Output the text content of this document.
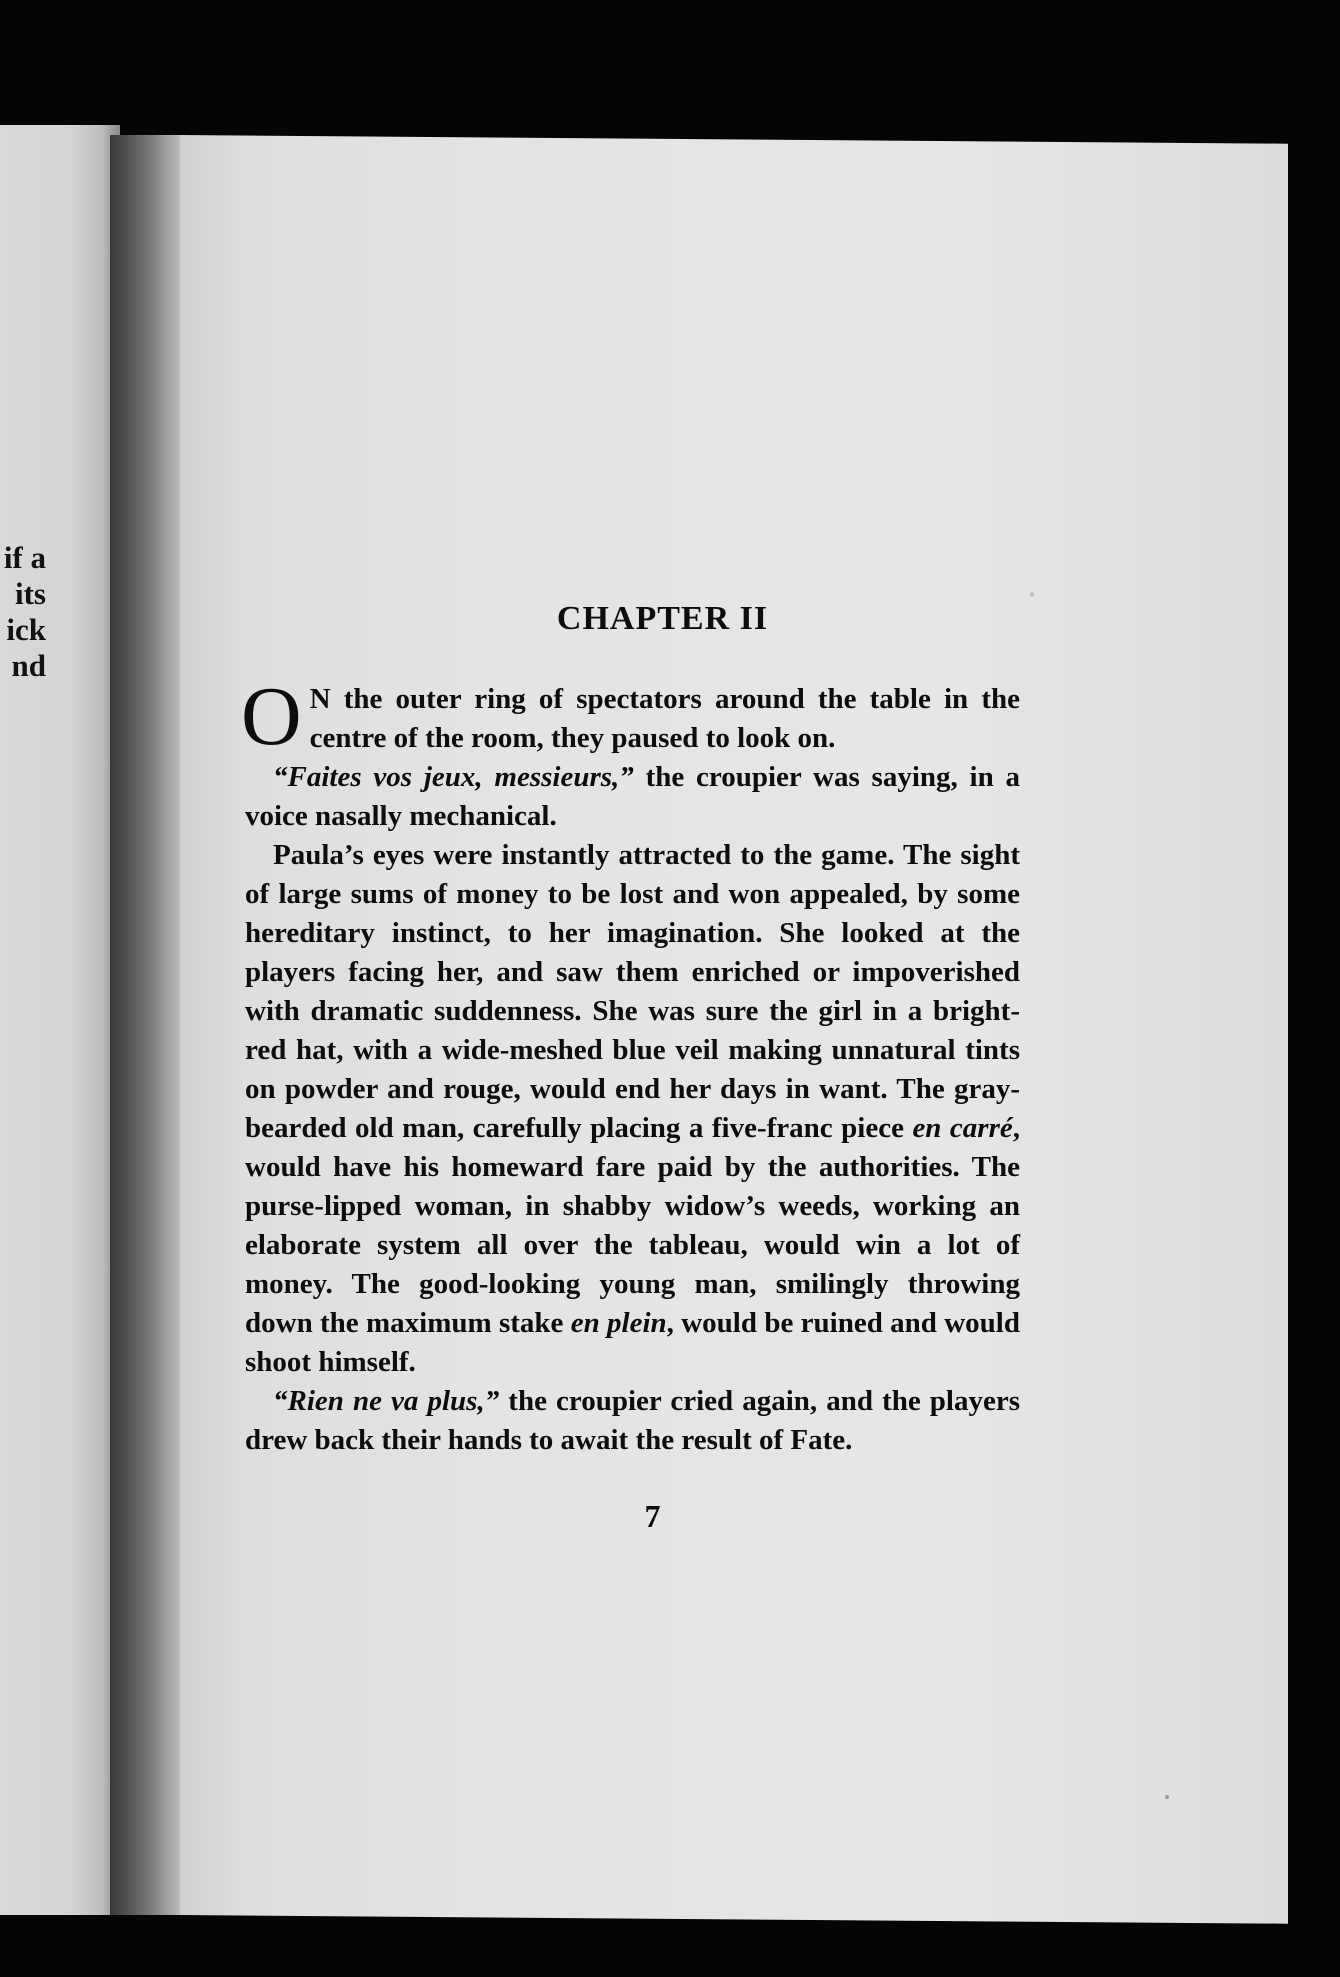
if a
its
ick
nd
CHAPTER II

O N the outer ring of spectators around the table in the centre of the room, they paused to look on.

“Faites vos jeux, messieurs,” the croupier was saying, in a voice nasally mechanical.

Paula’s eyes were instantly attracted to the game. The sight of large sums of money to be lost and won appealed, by some hereditary instinct, to her imagination. She looked at the players facing her, and saw them enriched or impoverished with dramatic suddenness. She was sure the girl in a bright-red hat, with a wide-meshed blue veil making unnatural tints on powder and rouge, would end her days in want. The gray-bearded old man, carefully placing a five-franc piece en carré, would have his homeward fare paid by the authorities. The purse-lipped woman, in shabby widow’s weeds, working an elaborate system all over the tableau, would win a lot of money. The good-looking young man, smilingly throwing down the maximum stake en plein, would be ruined and would shoot himself.

“Rien ne va plus,” the croupier cried again, and the players drew back their hands to await the result of Fate.

7
